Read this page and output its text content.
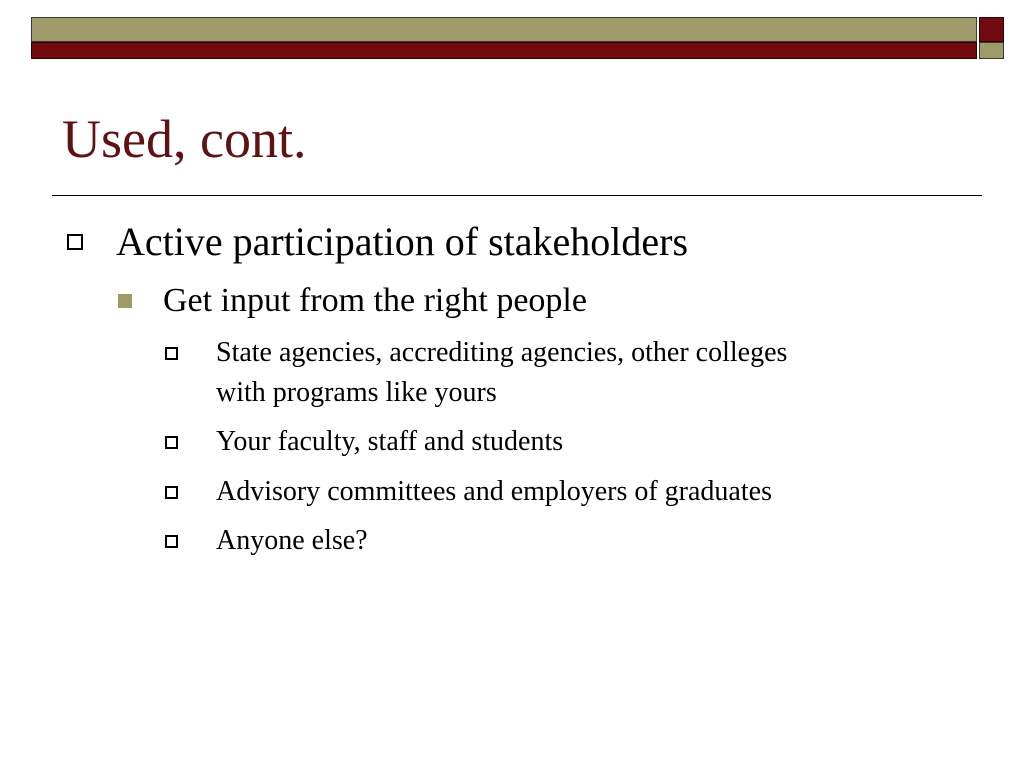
Used, cont.
Active participation of stakeholders
Get input from the right people
State agencies, accrediting agencies, other colleges
with programs like yours
Your faculty, staff and students
Advisory committees and employers of graduates
Anyone else?
